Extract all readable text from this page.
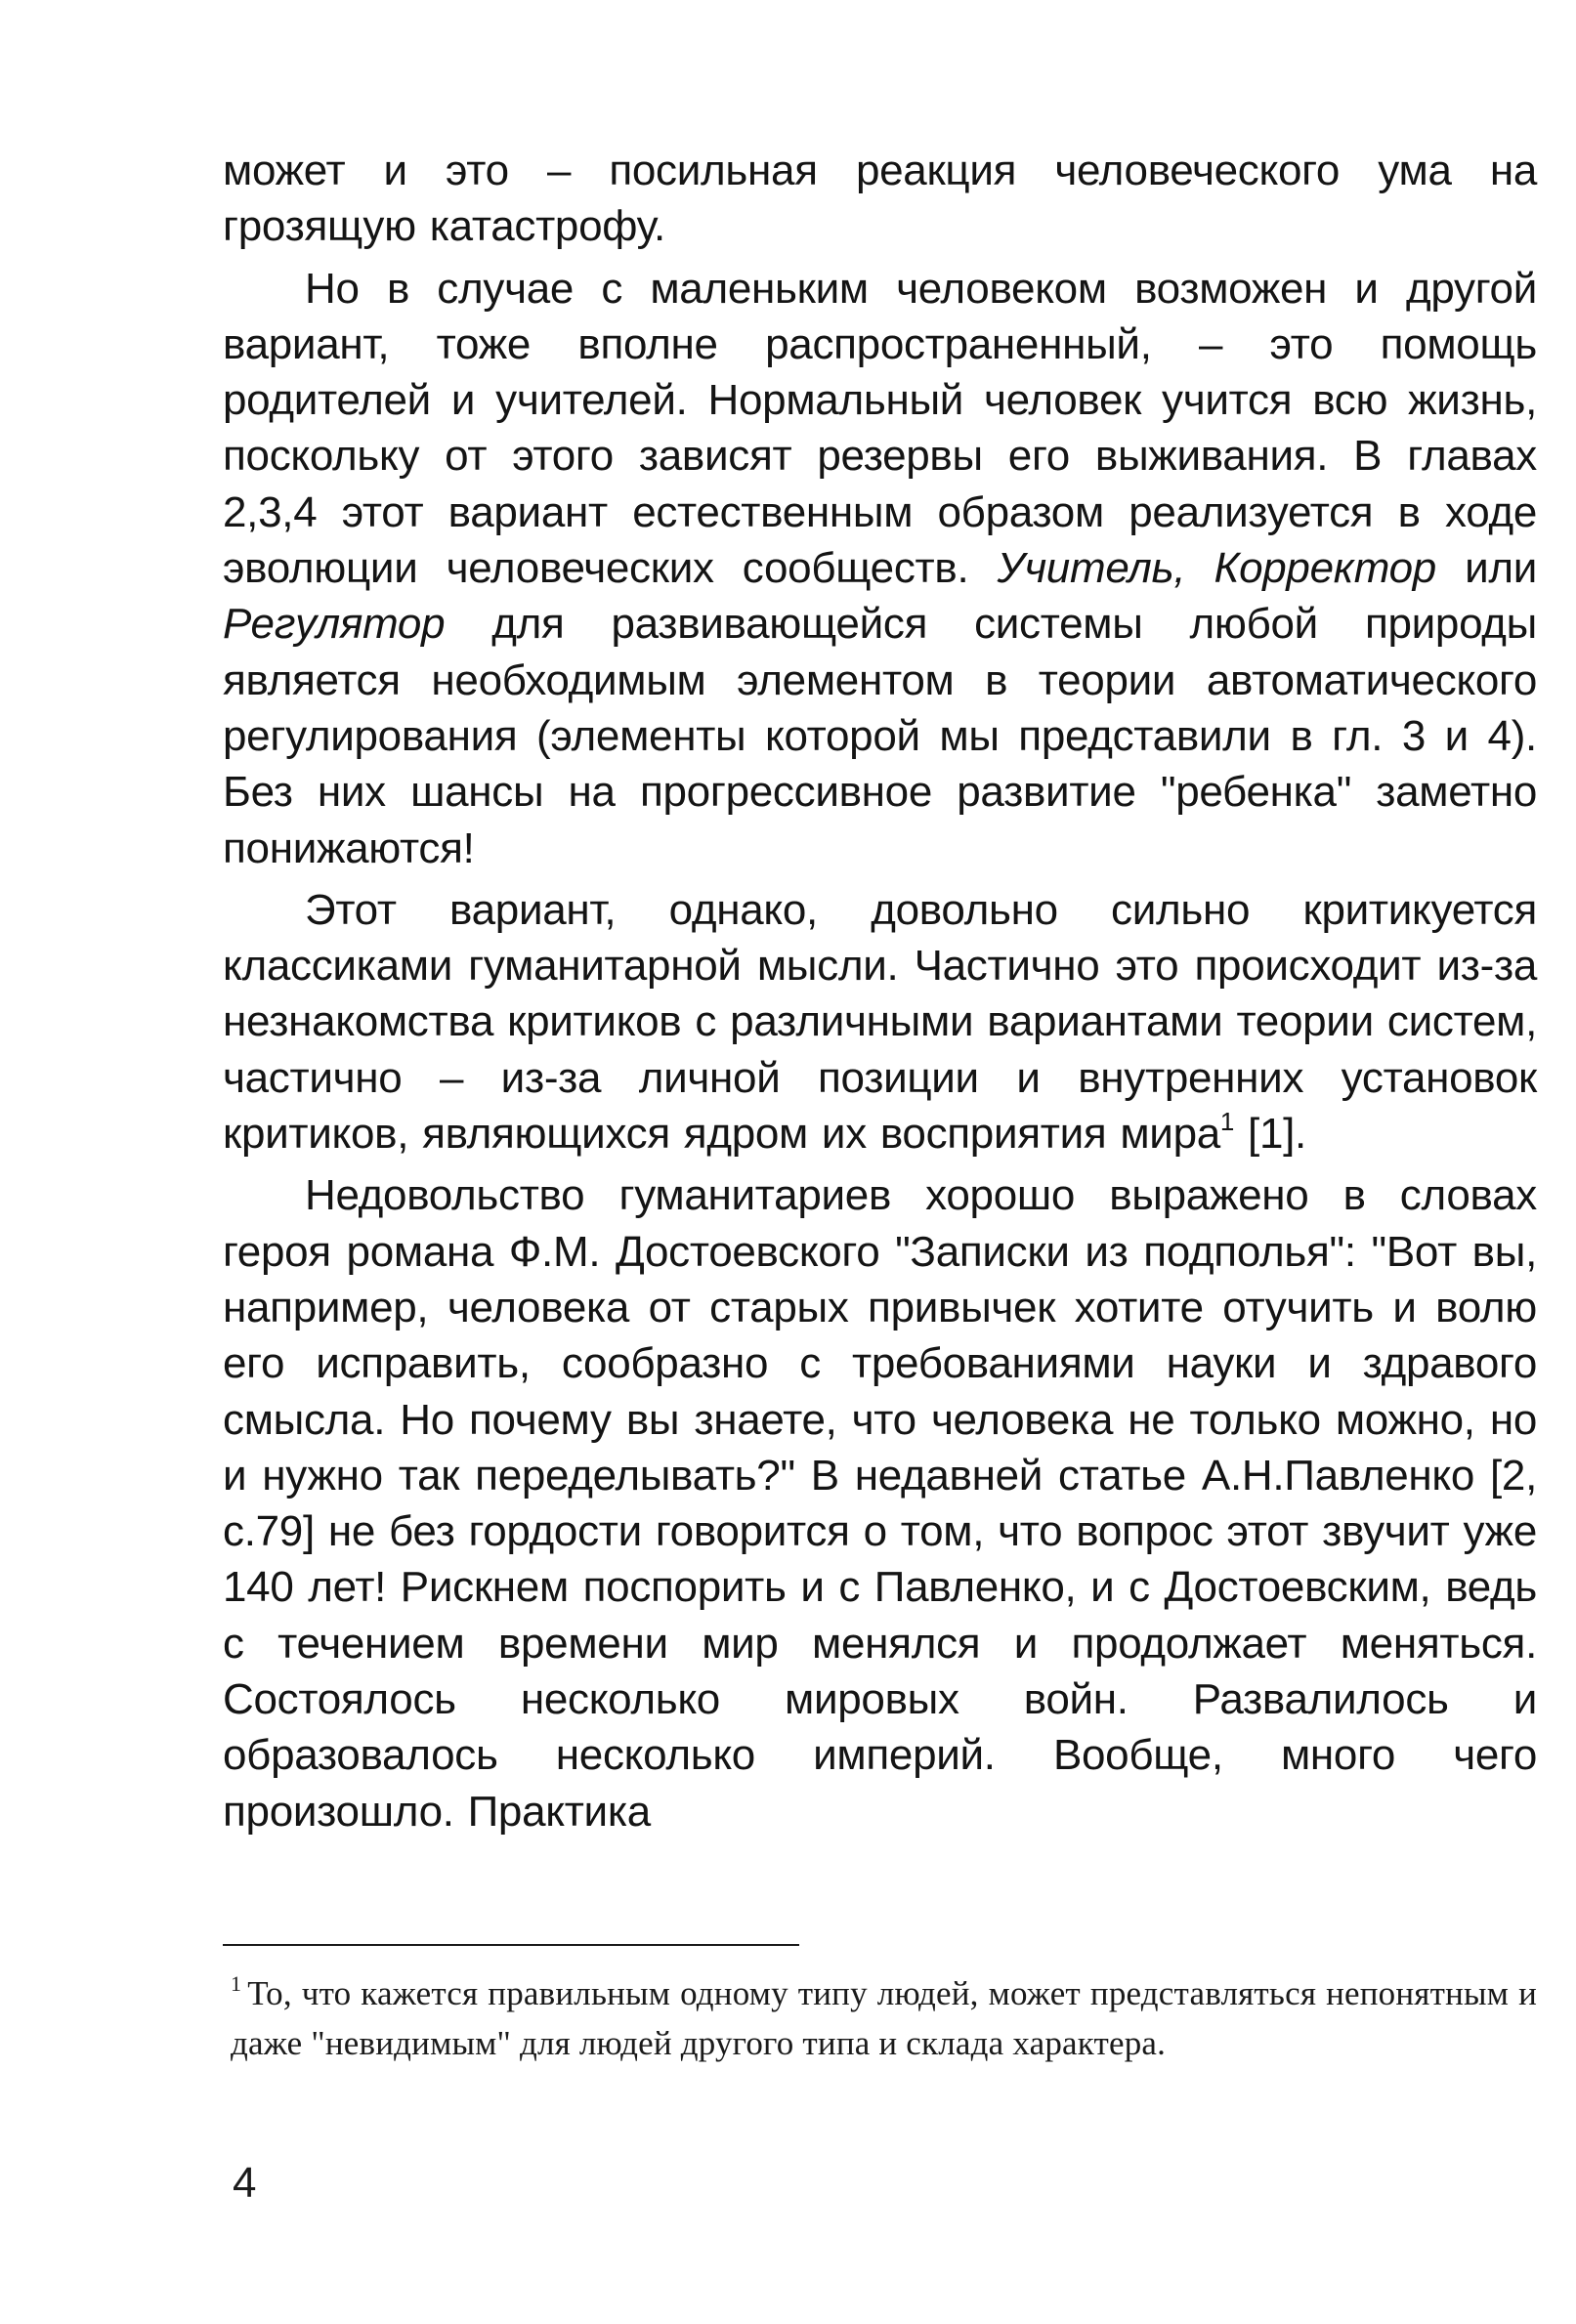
может и это – посильная реакция человеческого ума на грозящую катастрофу.

Но в случае с маленьким человеком возможен и другой вариант, тоже вполне распространенный, – это помощь родителей и учителей. Нормальный человек учится всю жизнь, поскольку от этого зависят резервы его выживания. В главах 2,3,4 этот вариант естественным образом реализуется в ходе эволюции человеческих сообществ. Учитель, Корректор или Регулятор для развивающейся системы любой природы является необходимым элементом в теории автоматического регулирования (элементы которой мы представили в гл. 3 и 4). Без них шансы на прогрессивное развитие "ребенка" заметно понижаются!

Этот вариант, однако, довольно сильно критикуется классиками гуманитарной мысли. Частично это происходит из-за незнакомства критиков с различными вариантами теории систем, частично – из-за личной позиции и внутренних установок критиков, являющихся ядром их восприятия мира$^1$ [1].

Недовольство гуманитариев хорошо выражено в словах героя романа Ф.М. Достоевского "Записки из подполья": "Вот вы, например, человека от старых привычек хотите отучить и волю его исправить, сообразно с требованиями науки и здравого смысла. Но почему вы знаете, что человека не только можно, но и нужно так переделывать?" В недавней статье А.Н.Павленко [2, с.79] не без гордости говорится о том, что вопрос этот звучит уже 140 лет! Рискнем поспорить и с Павленко, и с Достоевским, ведь с течением времени мир менялся и продолжает меняться. Состоялось несколько мировых войн. Развалилось и образовалось несколько империй. Вообще, много чего произошло. Практика

$^1$ То, что кажется правильным одному типу людей, может представляться непонятным и даже "невидимым" для людей другого типа и склада характера.
4
